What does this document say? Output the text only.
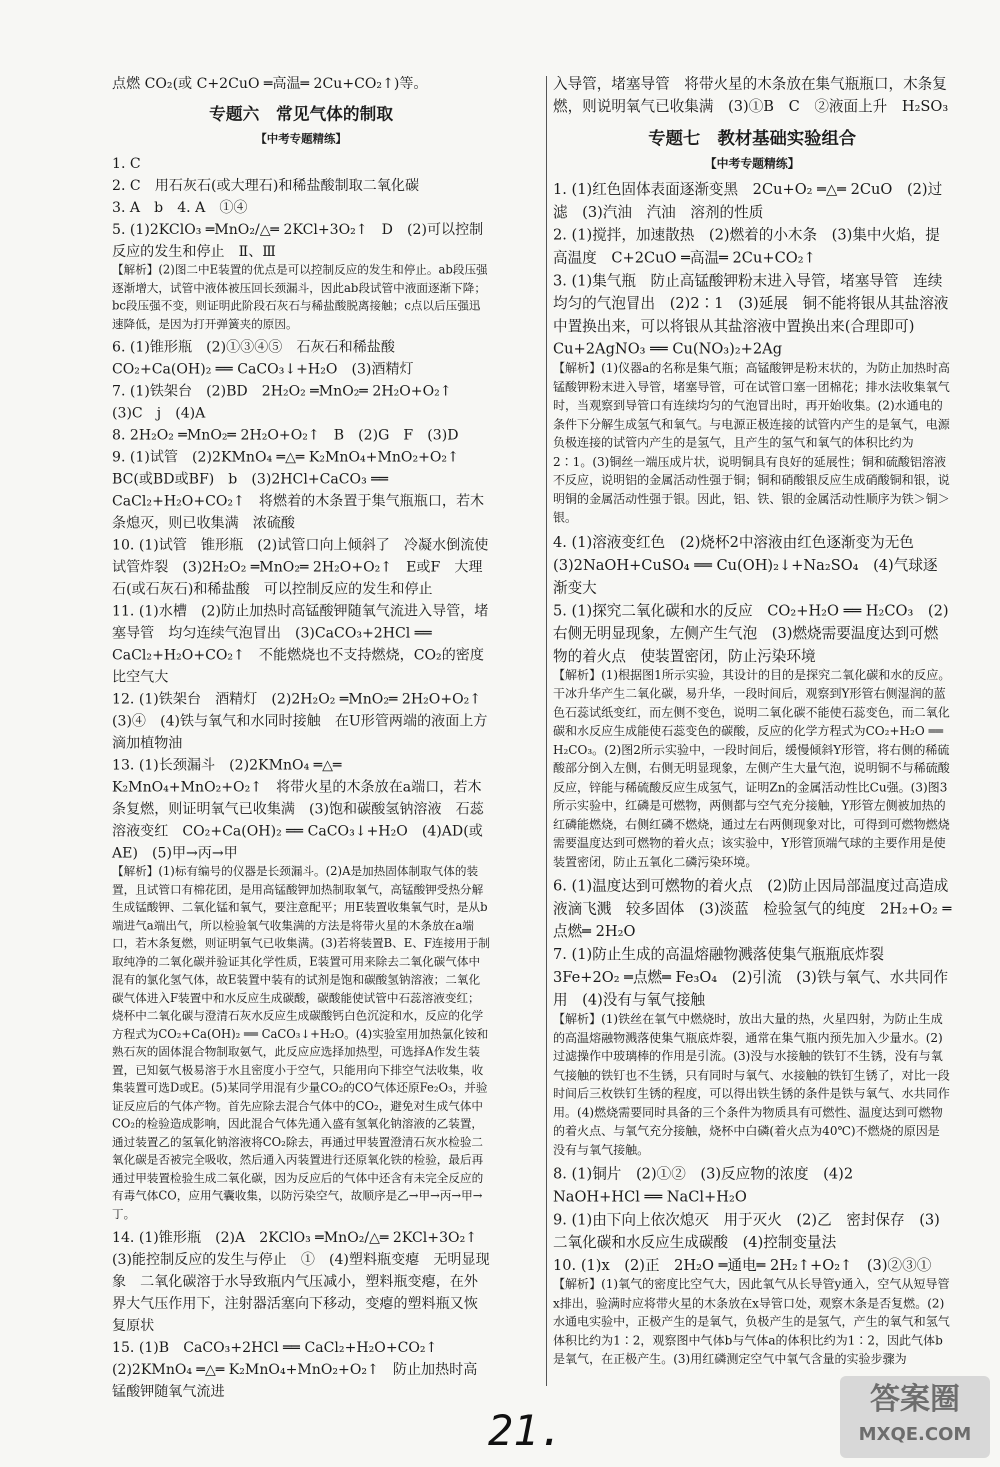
点燃 CO₂(或 C+2CuO ═高温═ 2Cu+CO₂↑)等。

专题六　常见气体的制取
【中考专题精练】

1. C

2. C　用石灰石(或大理石)和稀盐酸制取二氧化碳

3. A　b　4. A　①④

5. (1)2KClO₃ ═MnO₂/△═ 2KCl+3O₂↑　D　(2)可以控制反应的发生和停止　Ⅱ、Ⅲ

【解析】(2)图二中E装置的优点是可以控制反应的发生和停止。ab段压强逐渐增大，试管中液体被压回长颈漏斗，因此ab段试管中液面逐渐下降；bc段压强不变，则证明此阶段石灰石与稀盐酸脱离接触；c点以后压强迅速降低，是因为打开弹簧夹的原因。

6. (1)锥形瓶　(2)①③④⑤　石灰石和稀盐酸　CO₂+Ca(OH)₂ ══ CaCO₃↓+H₂O　(3)酒精灯

7. (1)铁架台　(2)BD　2H₂O₂ ═MnO₂═ 2H₂O+O₂↑　(3)C　j　(4)A

8. 2H₂O₂ ═MnO₂═ 2H₂O+O₂↑　B　(2)G　F　(3)D

9. (1)试管　(2)2KMnO₄ ═△═ K₂MnO₄+MnO₂+O₂↑　BC(或BD或BF)　b　(3)2HCl+CaCO₃ ══ CaCl₂+H₂O+CO₂↑　将燃着的木条置于集气瓶瓶口，若木条熄灭，则已收集满　浓硫酸

10. (1)试管　锥形瓶　(2)试管口向上倾斜了　冷凝水倒流使试管炸裂　(3)2H₂O₂ ═MnO₂═ 2H₂O+O₂↑　E或F　大理石(或石灰石)和稀盐酸　可以控制反应的发生和停止

11. (1)水槽　(2)防止加热时高锰酸钾随氧气流进入导管，堵塞导管　均匀连续气泡冒出　(3)CaCO₃+2HCl ══ CaCl₂+H₂O+CO₂↑　不能燃烧也不支持燃烧，CO₂的密度比空气大

12. (1)铁架台　酒精灯　(2)2H₂O₂ ═MnO₂═ 2H₂O+O₂↑　(3)④　(4)铁与氧气和水同时接触　在U形管两端的液面上方滴加植物油

13. (1)长颈漏斗　(2)2KMnO₄ ═△═ K₂MnO₄+MnO₂+O₂↑　将带火星的木条放在a端口，若木条复燃，则证明氧气已收集满　(3)饱和碳酸氢钠溶液　石蕊溶液变红　CO₂+Ca(OH)₂ ══ CaCO₃↓+H₂O　(4)AD(或AE)　(5)甲→丙→甲

【解析】(1)标有编号的仪器是长颈漏斗。(2)A是加热固体制取气体的装置，且试管口有棉花团，是用高锰酸钾加热制取氧气，高锰酸钾受热分解生成锰酸钾、二氧化锰和氧气，要注意配平；用E装置收集氧气时，是从b端进气a端出气，所以检验氧气收集满的方法是将带火星的木条放在a端口，若木条复燃，则证明氧气已收集满。(3)若将装置B、E、F连接用于制取纯净的二氧化碳并验证其化学性质，E装置可用来除去二氧化碳气体中混有的氯化氢气体，故E装置中装有的试剂是饱和碳酸氢钠溶液；二氧化碳气体进入F装置中和水反应生成碳酸，碳酸能使试管中石蕊溶液变红；烧杯中二氧化碳与澄清石灰水反应生成碳酸钙白色沉淀和水，反应的化学方程式为CO₂+Ca(OH)₂ ══ CaCO₃↓+H₂O。(4)实验室用加热氯化铵和熟石灰的固体混合物制取氨气，此反应应选择加热型，可选择A作发生装置，已知氨气极易溶于水且密度小于空气，只能用向下排空气法收集，收集装置可选D或E。(5)某同学用混有少量CO₂的CO气体还原Fe₂O₃，并验证反应后的气体产物。首先应除去混合气体中的CO₂，避免对生成气体中CO₂的检验造成影响，因此混合气体先通入盛有氢氧化钠溶液的乙装置，通过装置乙的氢氧化钠溶液将CO₂除去，再通过甲装置澄清石灰水检验二氧化碳是否被完全吸收，然后通入丙装置进行还原氧化铁的检验，最后再通过甲装置检验生成二氧化碳，因为反应后的气体中还含有未完全反应的有毒气体CO，应用气囊收集，以防污染空气，故顺序是乙→甲→丙→甲→丁。

14. (1)锥形瓶　(2)A　2KClO₃ ═MnO₂/△═ 2KCl+3O₂↑　(3)能控制反应的发生与停止　①　(4)塑料瓶变瘪　无明显现象　二氧化碳溶于水导致瓶内气压减小，塑料瓶变瘪，在外界大气压作用下，注射器活塞向下移动，变瘪的塑料瓶又恢复原状

15. (1)B　CaCO₃+2HCl ══ CaCl₂+H₂O+CO₂↑　(2)2KMnO₄ ═△═ K₂MnO₄+MnO₂+O₂↑　防止加热时高锰酸钾随氧气流进

入导管，堵塞导管　将带火星的木条放在集气瓶瓶口，木条复燃，则说明氧气已收集满　(3)①B　C　②液面上升　H₂SO₃

专题七　教材基础实验组合
【中考专题精练】

1. (1)红色固体表面逐渐变黑　2Cu+O₂ ═△═ 2CuO　(2)过滤　(3)汽油　汽油　溶剂的性质

2. (1)搅拌，加速散热　(2)燃着的小木条　(3)集中火焰，提高温度　C+2CuO ═高温═ 2Cu+CO₂↑

3. (1)集气瓶　防止高锰酸钾粉末进入导管，堵塞导管　连续均匀的气泡冒出　(2)2∶1　(3)延展　铜不能将银从其盐溶液中置换出来，可以将银从其盐溶液中置换出来(合理即可)　Cu+2AgNO₃ ══ Cu(NO₃)₂+2Ag

【解析】(1)仪器a的名称是集气瓶；高锰酸钾是粉末状的，为防止加热时高锰酸钾粉末进入导管，堵塞导管，可在试管口塞一团棉花；排水法收集氧气时，当观察到导管口有连续均匀的气泡冒出时，再开始收集。(2)水通电的条件下分解生成氢气和氧气。与电源正极连接的试管内产生的是氧气，电源负极连接的试管内产生的是氢气，且产生的氢气和氧气的体积比约为2∶1。(3)铜丝一端压成片状，说明铜具有良好的延展性；铜和硫酸铝溶液不反应，说明铝的金属活动性强于铜；铜和硝酸银反应生成硝酸铜和银，说明铜的金属活动性强于银。因此，铝、铁、银的金属活动性顺序为铁＞铜＞银。

4. (1)溶液变红色　(2)烧杯2中溶液由红色逐渐变为无色　(3)2NaOH+CuSO₄ ══ Cu(OH)₂↓+Na₂SO₄　(4)气球逐渐变大

5. (1)探究二氧化碳和水的反应　CO₂+H₂O ══ H₂CO₃　(2)右侧无明显现象，左侧产生气泡　(3)燃烧需要温度达到可燃物的着火点　使装置密闭，防止污染环境

【解析】(1)根据图1所示实验，其设计的目的是探究二氧化碳和水的反应。干冰升华产生二氧化碳，易升华，一段时间后，观察到Y形管右侧湿润的蓝色石蕊试纸变红，而左侧不变色，说明二氧化碳不能使石蕊变色，而二氧化碳和水反应生成能使石蕊变色的碳酸，反应的化学方程式为CO₂+H₂O ══ H₂CO₃。(2)图2所示实验中，一段时间后，缓慢倾斜Y形管，将右侧的稀硫酸部分倒入左侧，右侧无明显现象，左侧产生大量气泡，说明铜不与稀硫酸反应，锌能与稀硫酸反应生成氢气，证明Zn的金属活动性比Cu强。(3)图3所示实验中，红磷是可燃物，两侧都与空气充分接触，Y形管左侧被加热的红磷能燃烧，右侧红磷不燃烧，通过左右两侧现象对比，可得到可燃物燃烧需要温度达到可燃物的着火点；该实验中，Y形管顶端气球的主要作用是使装置密闭，防止五氧化二磷污染环境。

6. (1)温度达到可燃物的着火点　(2)防止因局部温度过高造成液滴飞溅　较多固体　(3)淡蓝　检验氢气的纯度　2H₂+O₂ ═点燃═ 2H₂O

7. (1)防止生成的高温熔融物溅落使集气瓶瓶底炸裂　3Fe+2O₂ ═点燃═ Fe₃O₄　(2)引流　(3)铁与氧气、水共同作用　(4)没有与氧气接触

【解析】(1)铁丝在氧气中燃烧时，放出大量的热，火星四射，为防止生成的高温熔融物溅落使集气瓶底炸裂，通常在集气瓶内预先加入少量水。(2)过滤操作中玻璃棒的作用是引流。(3)没与水接触的铁钉不生锈，没有与氧气接触的铁钉也不生锈，只有同时与氧气、水接触的铁钉生锈了，对比一段时间后三枚铁钉生锈的程度，可以得出铁生锈的条件是铁与氧气、水共同作用。(4)燃烧需要同时具备的三个条件为物质具有可燃性、温度达到可燃物的着火点、与氧气充分接触，烧杯中白磷(着火点为40℃)不燃烧的原因是没有与氧气接触。

8. (1)铜片　(2)①②　(3)反应物的浓度　(4)2　NaOH+HCl ══ NaCl+H₂O

9. (1)由下向上依次熄灭　用于灭火　(2)乙　密封保存　(3)二氧化碳和水反应生成碳酸　(4)控制变量法

10. (1)x　(2)正　2H₂O ═通电═ 2H₂↑+O₂↑　(3)②③①

【解析】(1)氧气的密度比空气大，因此氧气从长导管y通入，空气从短导管x排出，验满时应将带火星的木条放在x导管口处，观察木条是否复燃。(2)水通电实验中，正极产生的是氧气，负极产生的是氢气，产生的氧气和氢气体积比约为1∶2，观察图中气体b与气体a的体积比约为1∶2，因此气体b是氧气，在正极产生。(3)用红磷测定空气中氧气含量的实验步骤为

21.
答案圈
MXQE.COM
